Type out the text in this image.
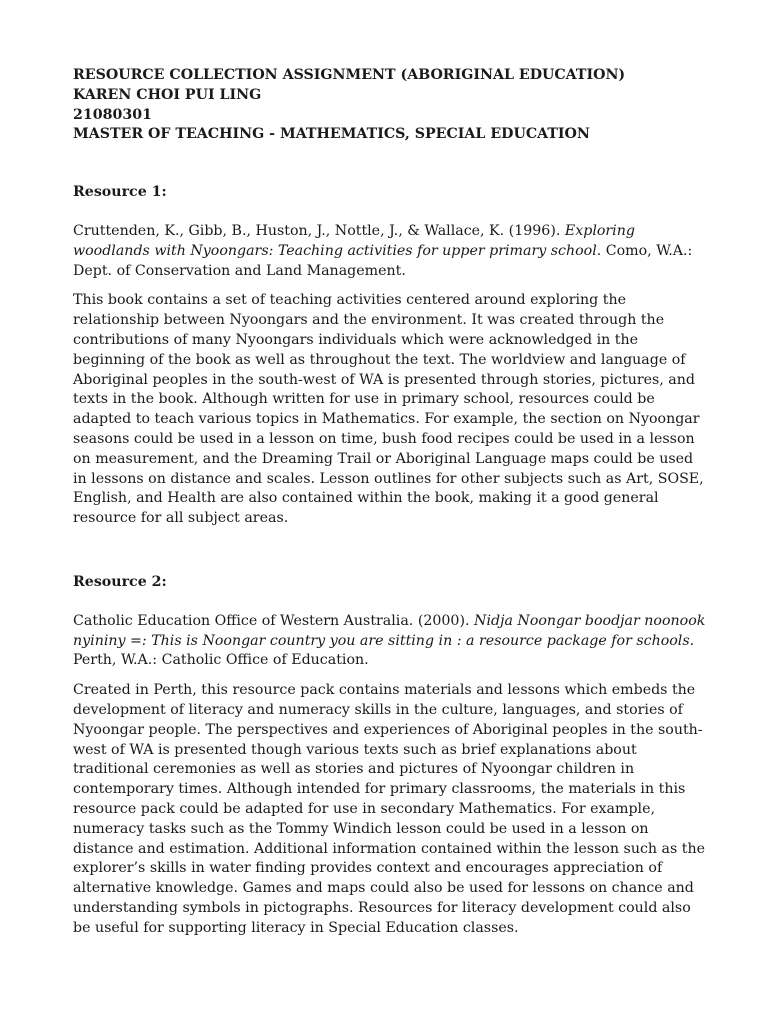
RESOURCE COLLECTION ASSIGNMENT (ABORIGINAL EDUCATION)
KAREN CHOI PUI LING
21080301
MASTER OF TEACHING - MATHEMATICS, SPECIAL EDUCATION

Resource 1:

Cruttenden, K., Gibb, B., Huston, J., Nottle, J., & Wallace, K. (1996). Exploring woodlands with Nyoongars: Teaching activities for upper primary school. Como, W.A.: Dept. of Conservation and Land Management.

This book contains a set of teaching activities centered around exploring the relationship between Nyoongars and the environment. It was created through the contributions of many Nyoongars individuals which were acknowledged in the beginning of the book as well as throughout the text. The worldview and language of Aboriginal peoples in the south-west of WA is presented through stories, pictures, and texts in the book. Although written for use in primary school, resources could be adapted to teach various topics in Mathematics. For example, the section on Nyoongar seasons could be used in a lesson on time, bush food recipes could be used in a lesson on measurement, and the Dreaming Trail or Aboriginal Language maps could be used in lessons on distance and scales. Lesson outlines for other subjects such as Art, SOSE, English, and Health are also contained within the book, making it a good general resource for all subject areas.

Resource 2:

Catholic Education Office of Western Australia. (2000). Nidja Noongar boodjar noonook nyininy =: This is Noongar country you are sitting in : a resource package for schools. Perth, W.A.: Catholic Office of Education.

Created in Perth, this resource pack contains materials and lessons which embeds the development of literacy and numeracy skills in the culture, languages, and stories of Nyoongar people. The perspectives and experiences of Aboriginal peoples in the south-west of WA is presented though various texts such as brief explanations about traditional ceremonies as well as stories and pictures of Nyoongar children in contemporary times. Although intended for primary classrooms, the materials in this resource pack could be adapted for use in secondary Mathematics. For example, numeracy tasks such as the Tommy Windich lesson could be used in a lesson on distance and estimation. Additional information contained within the lesson such as the explorer’s skills in water finding provides context and encourages appreciation of alternative knowledge. Games and maps could also be used for lessons on chance and understanding symbols in pictographs. Resources for literacy development could also be useful for supporting literacy in Special Education classes.
